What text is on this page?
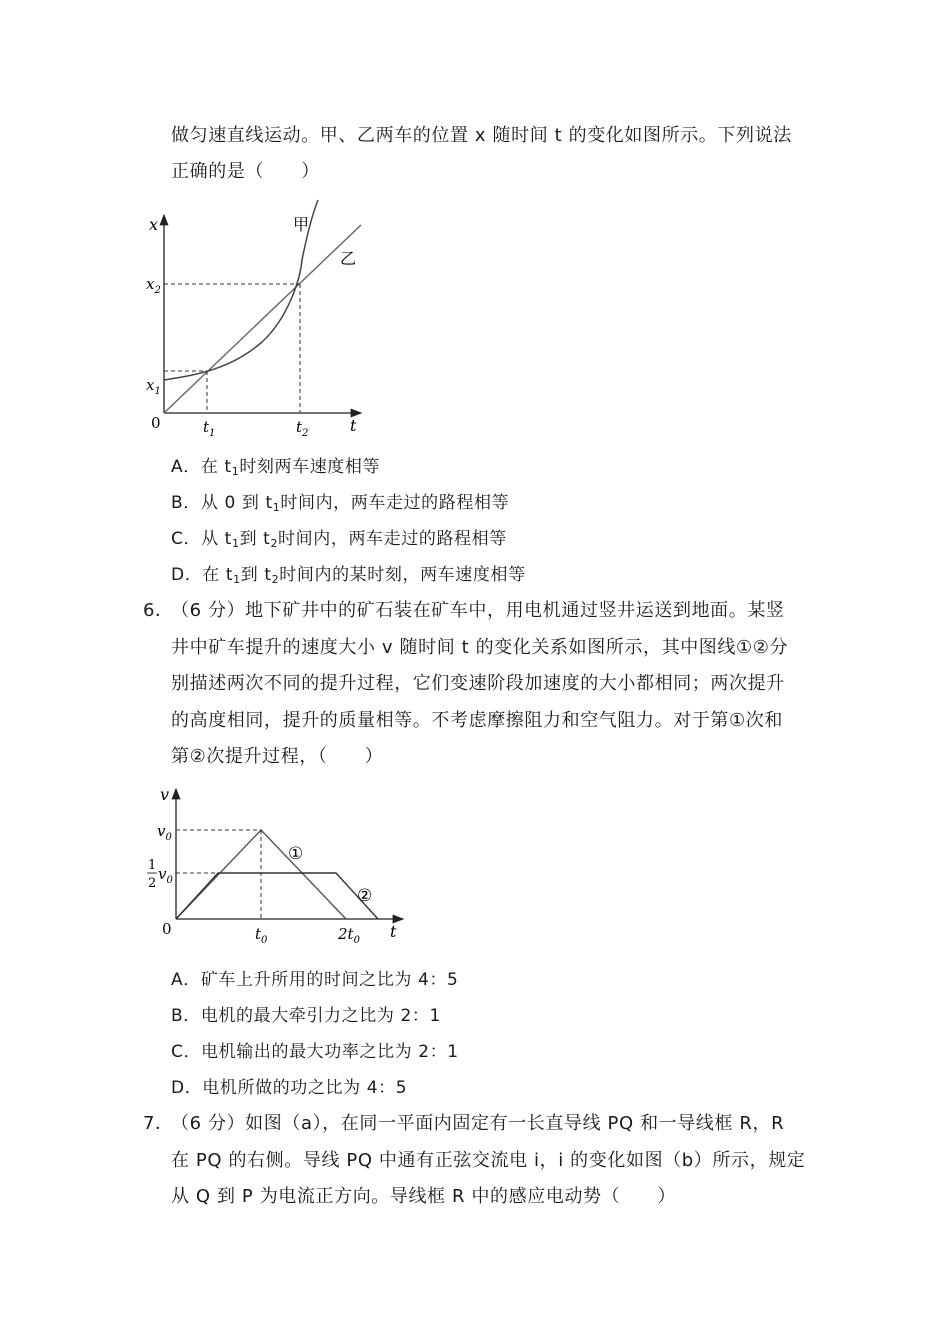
做匀速直线运动。甲、乙两车的位置 x 随时间 t 的变化如图所示。下列说法
正确的是（　　）
x
t
0
$x_2$
$x_1$
$t_1$	$t_2$
甲
乙
A．在 $t_1$时刻两车速度相等
B．从 0 到 $t_1$时间内，两车走过的路程相等
C．从 $t_1$到 $t_2$时间内，两车走过的路程相等
D．在 $t_1$到 $t_2$时间内的某时刻，两车速度相等
6．
（6 分）地下矿井中的矿石装在矿车中，用电机通过竖井运送到地面。某竖
井中矿车提升的速度大小 v 随时间 t 的变化关系如图所示，其中图线①②分
别描述两次不同的提升过程，它们变速阶段加速度的大小都相同；两次提升
的高度相同，提升的质量相等。不考虑摩擦阻力和空气阻力。对于第①次和
第②次提升过程，（　　）
v
t
0
$v_0$
1
2
$v_0$
$t_0$	$2t_0$
①
②
A．矿车上升所用的时间之比为 4：5
B．电机的最大牵引力之比为 2：1
C．电机输出的最大功率之比为 2：1
D．电机所做的功之比为 4：5
7．
（6 分）如图（a），在同一平面内固定有一长直导线 PQ 和一导线框 R，R
在 PQ 的右侧。导线 PQ 中通有正弦交流电 i，i 的变化如图（b）所示，规定
从 Q 到 P 为电流正方向。导线框 R 中的感应电动势（　　）
